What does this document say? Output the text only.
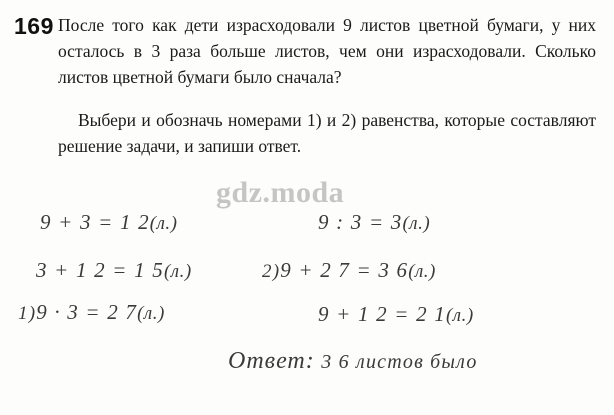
169 После того как дети израсходовали 9 листов цветной бумаги, у них осталось в 3 раза больше листов, чем они израсходовали. Сколько листов цветной бумаги было сначала?

Выбери и обозначь номерами 1) и 2) равенства, которые составляют решение задачи, и запиши ответ.

gdz.moda
9 + 3 = 1 2(л.)	9 : 3 = 3(л.)
3 + 1 2 = 1 5(л.)	2)9 + 2 7 = 3 6(л.)
1)9 · 3 = 2 7(л.)	9 + 1 2 = 2 1(л.)
Ответ: 3 6 листов было
